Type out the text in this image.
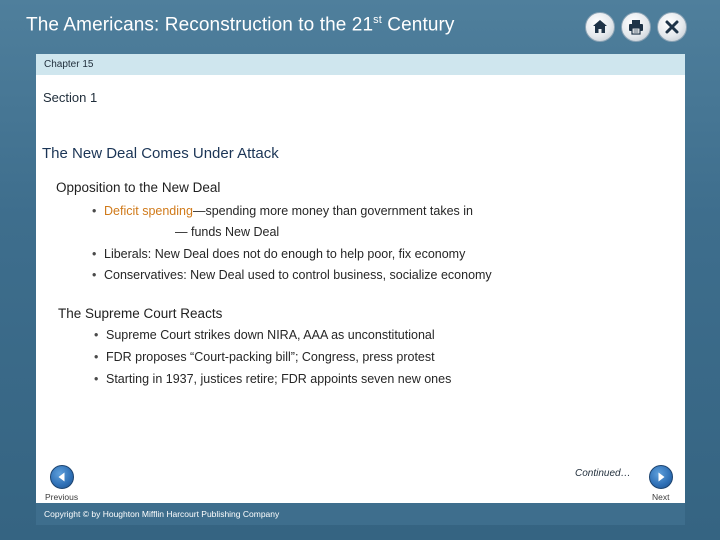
The Americans: Reconstruction to the 21st Century
Chapter 15
Section 1
The New Deal Comes Under Attack
Opposition to the New Deal
• Deficit spending—spending more money than government takes in
— funds New Deal
• Liberals: New Deal does not do enough to help poor, fix economy
• Conservatives: New Deal used to control business, socialize economy
The Supreme Court Reacts
• Supreme Court strikes down NIRA, AAA as unconstitutional
• FDR proposes “Court-packing bill”; Congress, press protest
• Starting in 1937, justices retire; FDR appoints seven new ones
Continued…
Previous	Next
Copyright © by Houghton Mifflin Harcourt Publishing Company
